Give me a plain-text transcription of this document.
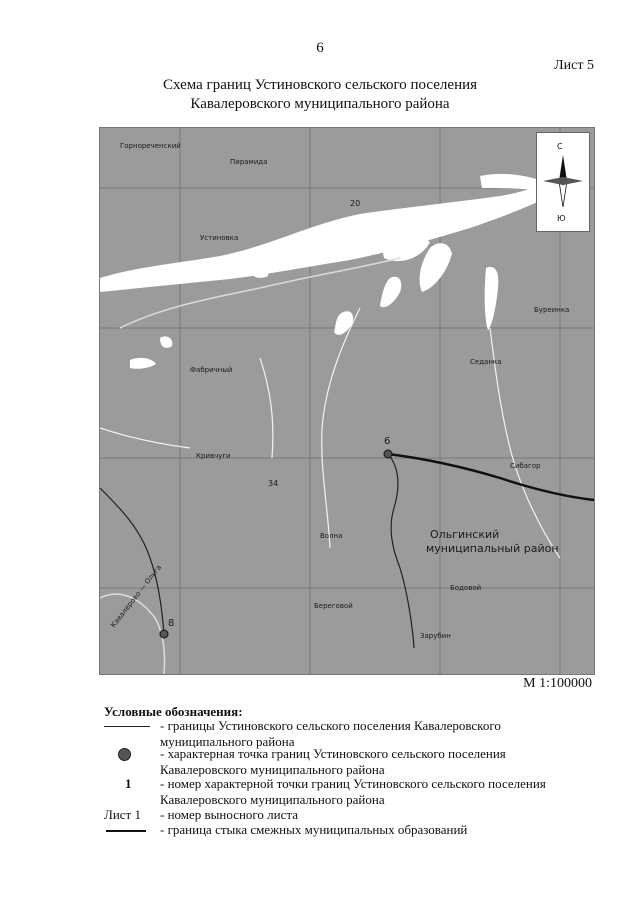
6
Лист 5
Схема границ Устиновского сельского поселения
Кавалеровского муниципального района
6
8
Устиновка
Кривчуги
Буреинка
Седанка
Фабричный
Горнореченский
Сибагор
Пирамида
Береговой
Зарубин
Волна
Бодовой
Кавалерово — Ольга
20
34
Ольгинский
муниципальный район
С
Ю
М 1:100000
Условные обозначения:
- границы Устиновского сельского поселения Кавалеровского
муниципального района
- характерная точка границ Устиновского сельского поселения
Кавалеровского муниципального района
1 - номер характерной точки границ Устиновского сельского поселения
Кавалеровского муниципального района
Лист 1 - номер выносного листа
- граница стыка смежных муниципальных образований
